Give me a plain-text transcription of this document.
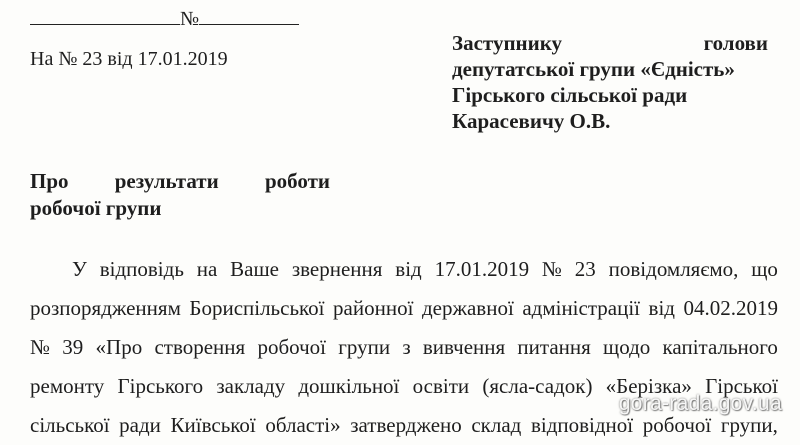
№
На № 23 від 17.01.2019
Заступнику	голови
депутатської групи «Єдність»
Гірського сільської ради
Карасевичу О.В.
Про результати роботи
робочої групи
У відповідь на Ваше звернення від 17.01.2019 № 23 повідомляємо, що
розпорядженням Бориспільської районної державної адміністрації від 04.02.2019
№ 39 «Про створення робочої групи з вивчення питання щодо капітального
ремонту Гірського закладу дошкільної освіти (ясла-садок) «Берізка» Гірської
сільської ради Київської області» затверджено склад відповідної робочої групи,
gora-rada.gov.ua
